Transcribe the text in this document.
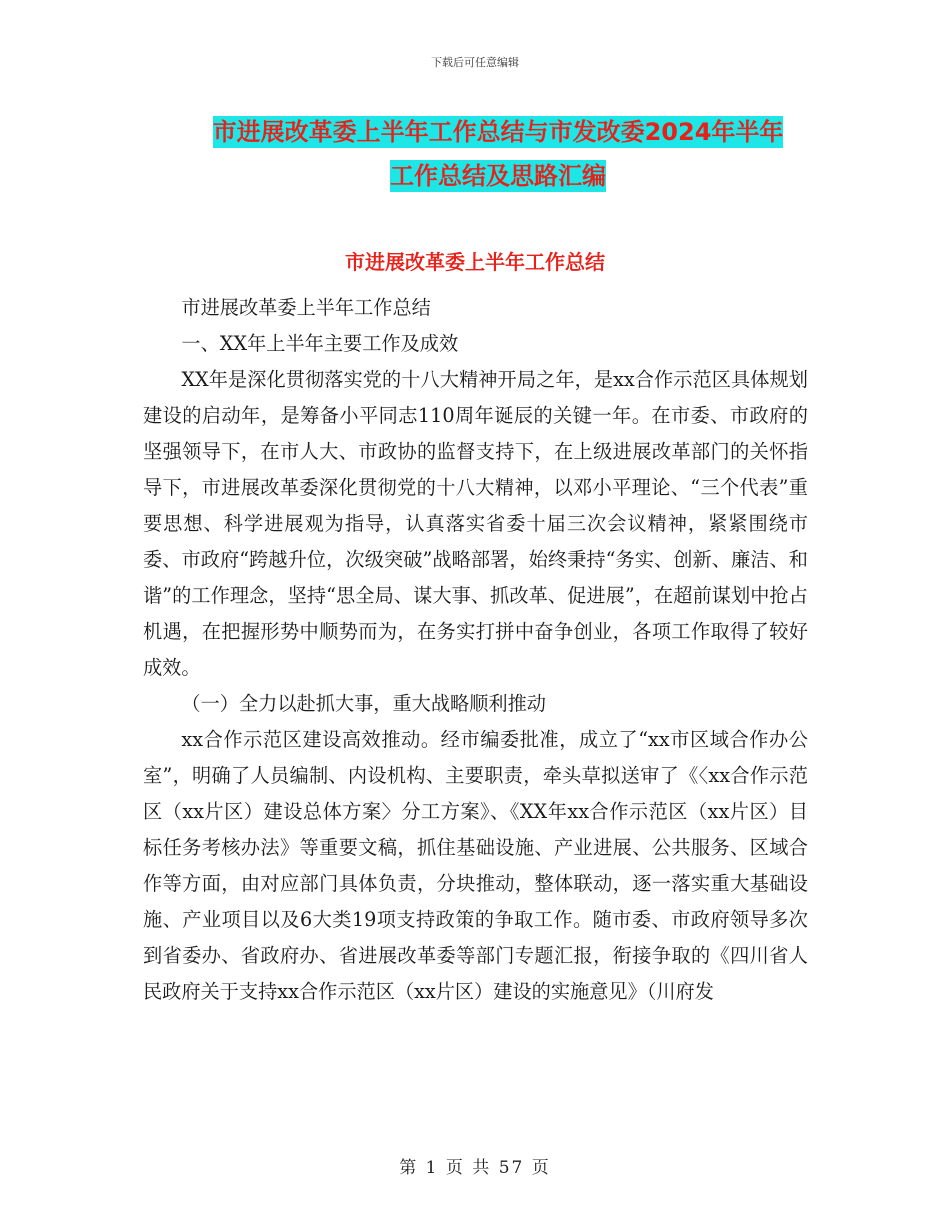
下载后可任意编辑
市进展改革委上半年工作总结与市发改委2024年半年
工作总结及思路汇编
市进展改革委上半年工作总结

市进展改革委上半年工作总结

一、XX年上半年主要工作及成效

XX年是深化贯彻落实党的十八大精神开局之年，是xx合作示范区具体规划建设的启动年，是筹备小平同志110周年诞辰的关键一年。在市委、市政府的坚强领导下，在市人大、市政协的监督支持下，在上级进展改革部门的关怀指导下，市进展改革委深化贯彻党的十八大精神，以邓小平理论、“三个代表”重要思想、科学进展观为指导，认真落实省委十届三次会议精神，紧紧围绕市委、市政府“跨越升位，次级突破”战略部署，始终秉持“务实、创新、廉洁、和谐”的工作理念，坚持“思全局、谋大事、抓改革、促进展”，在超前谋划中抢占机遇，在把握形势中顺势而为，在务实打拼中奋争创业，各项工作取得了较好成效。

（一）全力以赴抓大事，重大战略顺利推动

xx合作示范区建设高效推动。经市编委批准，成立了“xx市区域合作办公室”，明确了人员编制、内设机构、主要职责，牵头草拟送审了《〈xx合作示范区（xx片区）建设总体方案〉分工方案》、《XX年xx合作示范区（xx片区）目标任务考核办法》等重要文稿，抓住基础设施、产业进展、公共服务、区域合作等方面，由对应部门具体负责，分块推动，整体联动，逐一落实重大基础设施、产业项目以及6大类19项支持政策的争取工作。随市委、市政府领导多次到省委办、省政府办、省进展改革委等部门专题汇报，衔接争取的《四川省人民政府关于支持xx合作示范区（xx片区）建设的实施意见》（川府发

第 1 页 共 57 页
